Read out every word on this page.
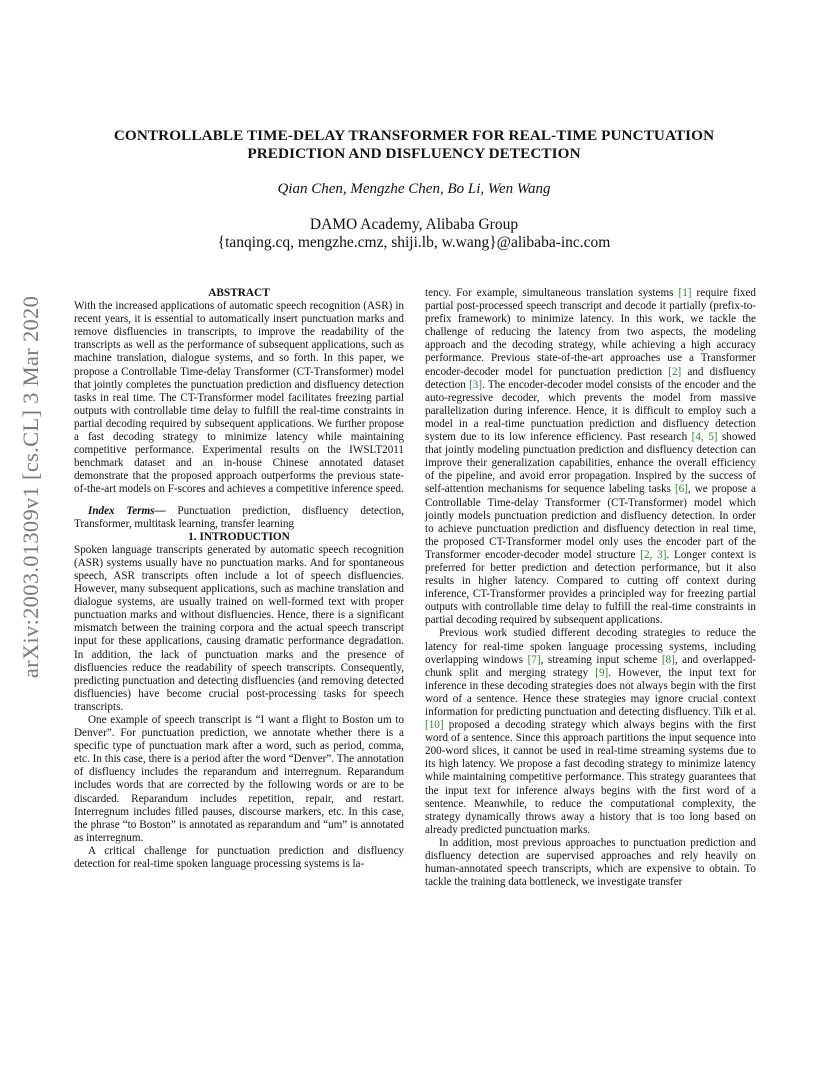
CONTROLLABLE TIME-DELAY TRANSFORMER FOR REAL-TIME PUNCTUATION
PREDICTION AND DISFLUENCY DETECTION
Qian Chen, Mengzhe Chen, Bo Li, Wen Wang
DAMO Academy, Alibaba Group
{tanqing.cq, mengzhe.cmz, shiji.lb, w.wang}@alibaba-inc.com
arXiv:2003.01309v1 [cs.CL] 3 Mar 2020

ABSTRACT

With the increased applications of automatic speech recognition (ASR) in recent years, it is essential to automatically insert punctuation marks and remove disfluencies in transcripts, to improve the readability of the transcripts as well as the performance of subsequent applications, such as machine translation, dialogue systems, and so forth. In this paper, we propose a Controllable Time-delay Transformer (CT-Transformer) model that jointly completes the punctuation prediction and disfluency detection tasks in real time. The CT-Transformer model facilitates freezing partial outputs with controllable time delay to fulfill the real-time constraints in partial decoding required by subsequent applications. We further propose a fast decoding strategy to minimize latency while maintaining competitive performance. Experimental results on the IWSLT2011 benchmark dataset and an in-house Chinese annotated dataset demonstrate that the proposed approach outperforms the previous state-of-the-art models on F-scores and achieves a competitive inference speed.

Index Terms— Punctuation prediction, disfluency detection, Transformer, multitask learning, transfer learning

1. INTRODUCTION

Spoken language transcripts generated by automatic speech recognition (ASR) systems usually have no punctuation marks. And for spontaneous speech, ASR transcripts often include a lot of speech disfluencies. However, many subsequent applications, such as machine translation and dialogue systems, are usually trained on well-formed text with proper punctuation marks and without disfluencies. Hence, there is a significant mismatch between the training corpora and the actual speech transcript input for these applications, causing dramatic performance degradation. In addition, the lack of punctuation marks and the presence of disfluencies reduce the readability of speech transcripts. Consequently, predicting punctuation and detecting disfluencies (and removing detected disfluencies) have become crucial post-processing tasks for speech transcripts.

One example of speech transcript is “I want a flight to Boston um to Denver”. For punctuation prediction, we annotate whether there is a specific type of punctuation mark after a word, such as period, comma, etc. In this case, there is a period after the word “Denver”. The annotation of disfluency includes the reparandum and interregnum. Reparandum includes words that are corrected by the following words or are to be discarded. Reparandum includes repetition, repair, and restart. Interregnum includes filled pauses, discourse markers, etc. In this case, the phrase “to Boston” is annotated as reparandum and “um” is annotated as interregnum.

A critical challenge for punctuation prediction and disfluency detection for real-time spoken language processing systems is la-

tency. For example, simultaneous translation systems [1] require fixed partial post-processed speech transcript and decode it partially (prefix-to-prefix framework) to minimize latency. In this work, we tackle the challenge of reducing the latency from two aspects, the modeling approach and the decoding strategy, while achieving a high accuracy performance. Previous state-of-the-art approaches use a Transformer encoder-decoder model for punctuation prediction [2] and disfluency detection [3]. The encoder-decoder model consists of the encoder and the auto-regressive decoder, which prevents the model from massive parallelization during inference. Hence, it is difficult to employ such a model in a real-time punctuation prediction and disfluency detection system due to its low inference efficiency. Past research [4, 5] showed that jointly modeling punctuation prediction and disfluency detection can improve their generalization capabilities, enhance the overall efficiency of the pipeline, and avoid error propagation. Inspired by the success of self-attention mechanisms for sequence labeling tasks [6], we propose a Controllable Time-delay Transformer (CT-Transformer) model which jointly models punctuation prediction and disfluency detection. In order to achieve punctuation prediction and disfluency detection in real time, the proposed CT-Transformer model only uses the encoder part of the Transformer encoder-decoder model structure [2, 3]. Longer context is preferred for better prediction and detection performance, but it also results in higher latency. Compared to cutting off context during inference, CT-Transformer provides a principled way for freezing partial outputs with controllable time delay to fulfill the real-time constraints in partial decoding required by subsequent applications.

Previous work studied different decoding strategies to reduce the latency for real-time spoken language processing systems, including overlapping windows [7], streaming input scheme [8], and overlapped-chunk split and merging strategy [9]. However, the input text for inference in these decoding strategies does not always begin with the first word of a sentence. Hence these strategies may ignore crucial context information for predicting punctuation and detecting disfluency. Tilk et al. [10] proposed a decoding strategy which always begins with the first word of a sentence. Since this approach partitions the input sequence into 200-word slices, it cannot be used in real-time streaming systems due to its high latency. We propose a fast decoding strategy to minimize latency while maintaining competitive performance. This strategy guarantees that the input text for inference always begins with the first word of a sentence. Meanwhile, to reduce the computational complexity, the strategy dynamically throws away a history that is too long based on already predicted punctuation marks.

In addition, most previous approaches to punctuation prediction and disfluency detection are supervised approaches and rely heavily on human-annotated speech transcripts, which are expensive to obtain. To tackle the training data bottleneck, we investigate transfer
